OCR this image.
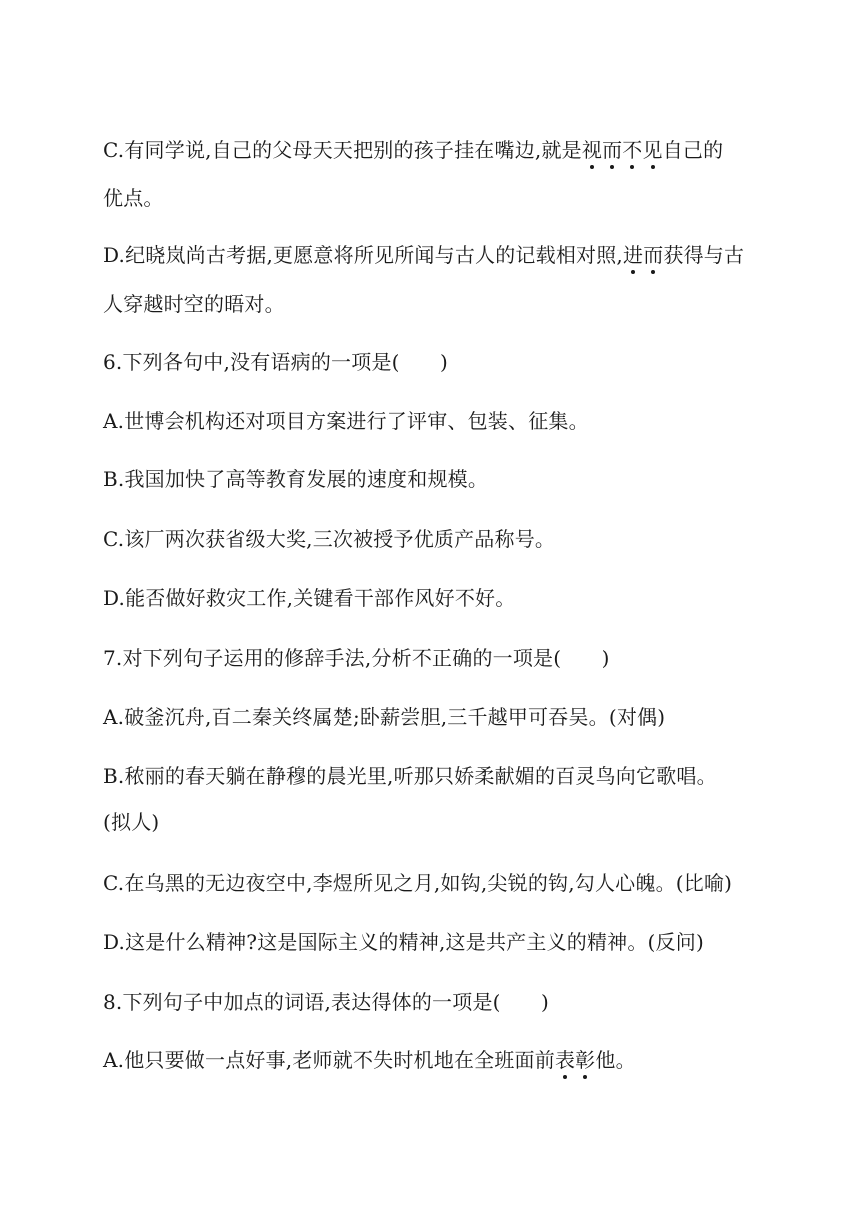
C.有同学说,自己的父母天天把别的孩子挂在嘴边,就是视而不见自己的
优点。
D.纪晓岚尚古考据,更愿意将所见所闻与古人的记载相对照,进而获得与古
人穿越时空的晤对。
6.下列各句中,没有语病的一项是(　　)
A.世博会机构还对项目方案进行了评审、包装、征集。
B.我国加快了高等教育发展的速度和规模。
C.该厂两次获省级大奖,三次被授予优质产品称号。
D.能否做好救灾工作,关键看干部作风好不好。
7.对下列句子运用的修辞手法,分析不正确的一项是(　　)
A.破釜沉舟,百二秦关终属楚;卧薪尝胆,三千越甲可吞吴。(对偶)
B.秾丽的春天躺在静穆的晨光里,听那只娇柔献媚的百灵鸟向它歌唱。
(拟人)
C.在乌黑的无边夜空中,李煜所见之月,如钩,尖锐的钩,勾人心魄。(比喻)
D.这是什么精神?这是国际主义的精神,这是共产主义的精神。(反问)
8.下列句子中加点的词语,表达得体的一项是(　　)
A.他只要做一点好事,老师就不失时机地在全班面前表彰他。
